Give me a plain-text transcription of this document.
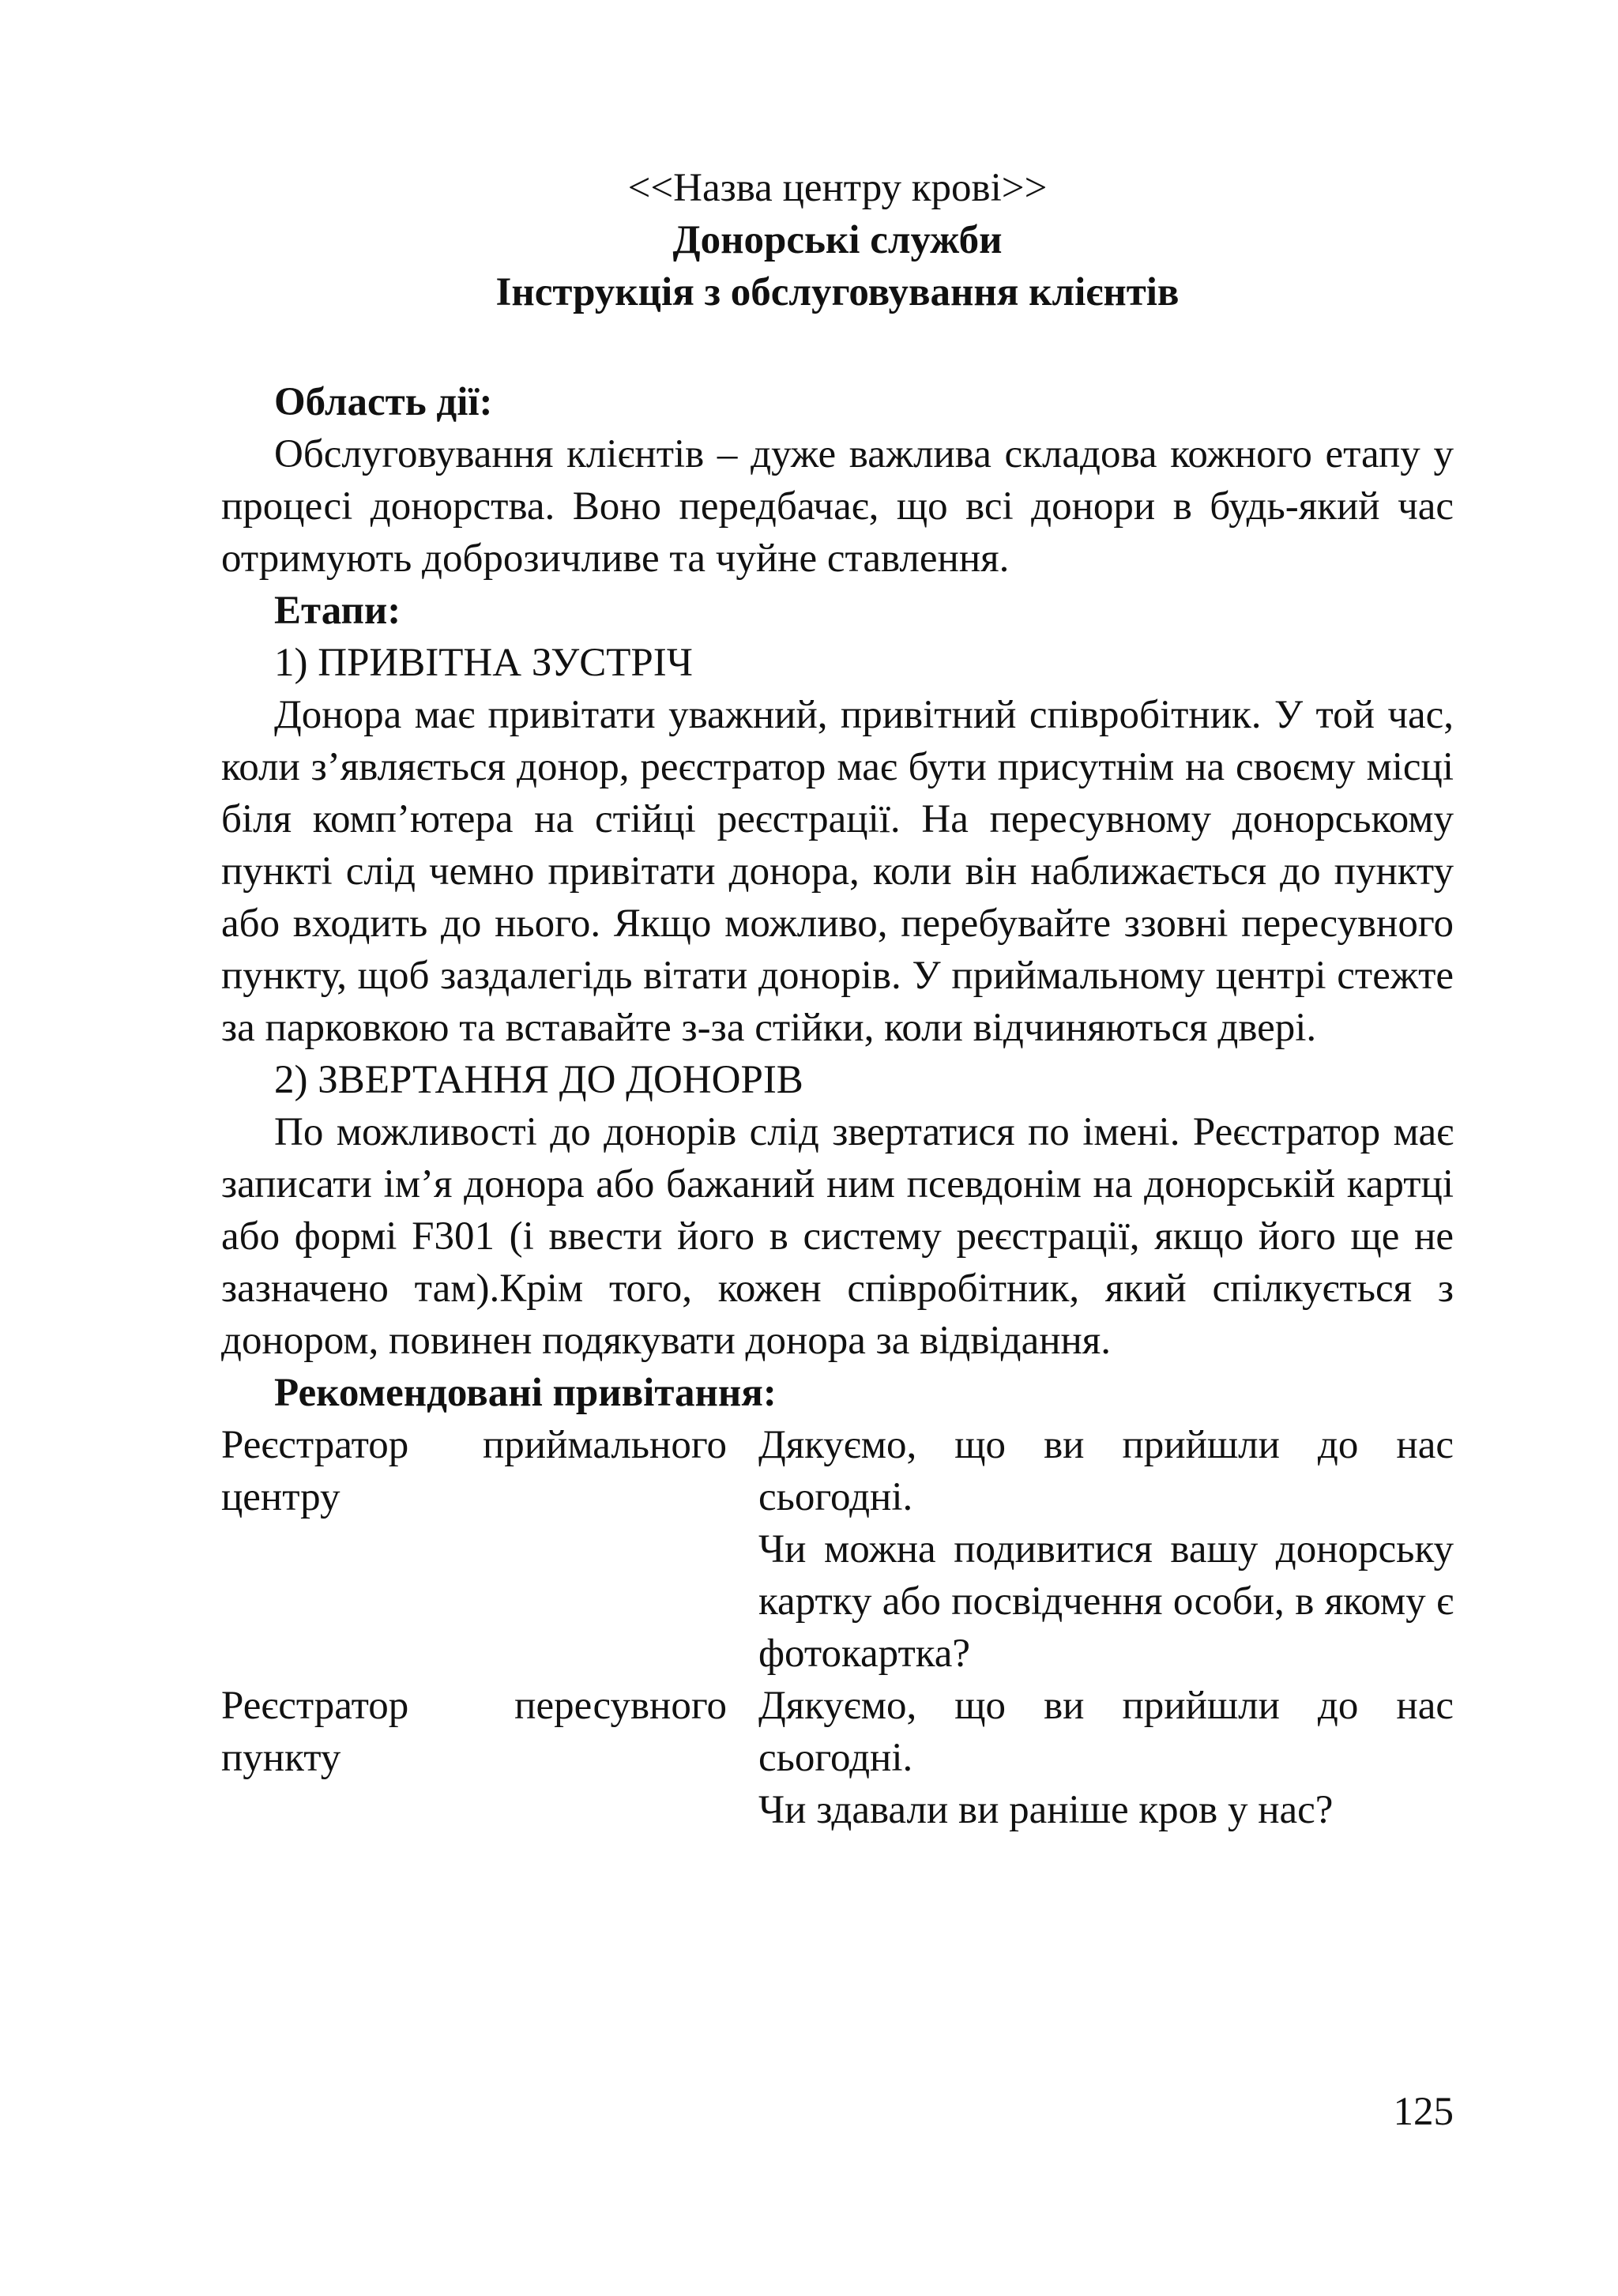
<<Назва центру крові>>
Донорські служби
Інструкція з обслуговування клієнтів
Область дії:

Обслуговування клієнтів – дуже важлива складова кожного етапу у процесі донорства. Воно передбачає, що всі донори в будь-який час отримують доброзичливе та чуйне ставлення.

Етапи:
1) ПРИВІТНА ЗУСТРІЧ

Донора має привітати уважний, привітний співробітник. У той час, коли з’являється донор, реєстратор має бути присутнім на своєму місці біля комп’ютера на стійці реєстрації. На пересувному донорському пункті слід чемно привітати донора, коли він наближається до пункту або входить до нього. Якщо можливо, перебувайте ззовні пересувного пункту, щоб заздалегідь вітати донорів. У приймальному центрі стежте за парковкою та вставайте з-за стійки, коли відчиняються двері.

2) ЗВЕРТАННЯ ДО ДОНОРІВ

По можливості до донорів слід звертатися по імені. Реєстратор має записати ім’я донора або бажаний ним псевдонім на донорській картці або формі F301 (і ввести його в систему реєстрації, якщо його ще не зазначено там).Крім того, кожен співробітник, який спілкується з донором, повинен подякувати донора за відвідання.

Рекомендовані привітання:
Реєстратор приймального центру	Дякуємо, що ви прийшли до нас сьогодні.

Чи можна подивитися вашу донорську картку або посвідчення особи, в якому є фотокартка?

Реєстратор пересувного пункту	Дякуємо, що ви прийшли до нас сьогодні.

Чи здавали ви раніше кров у нас?

125
